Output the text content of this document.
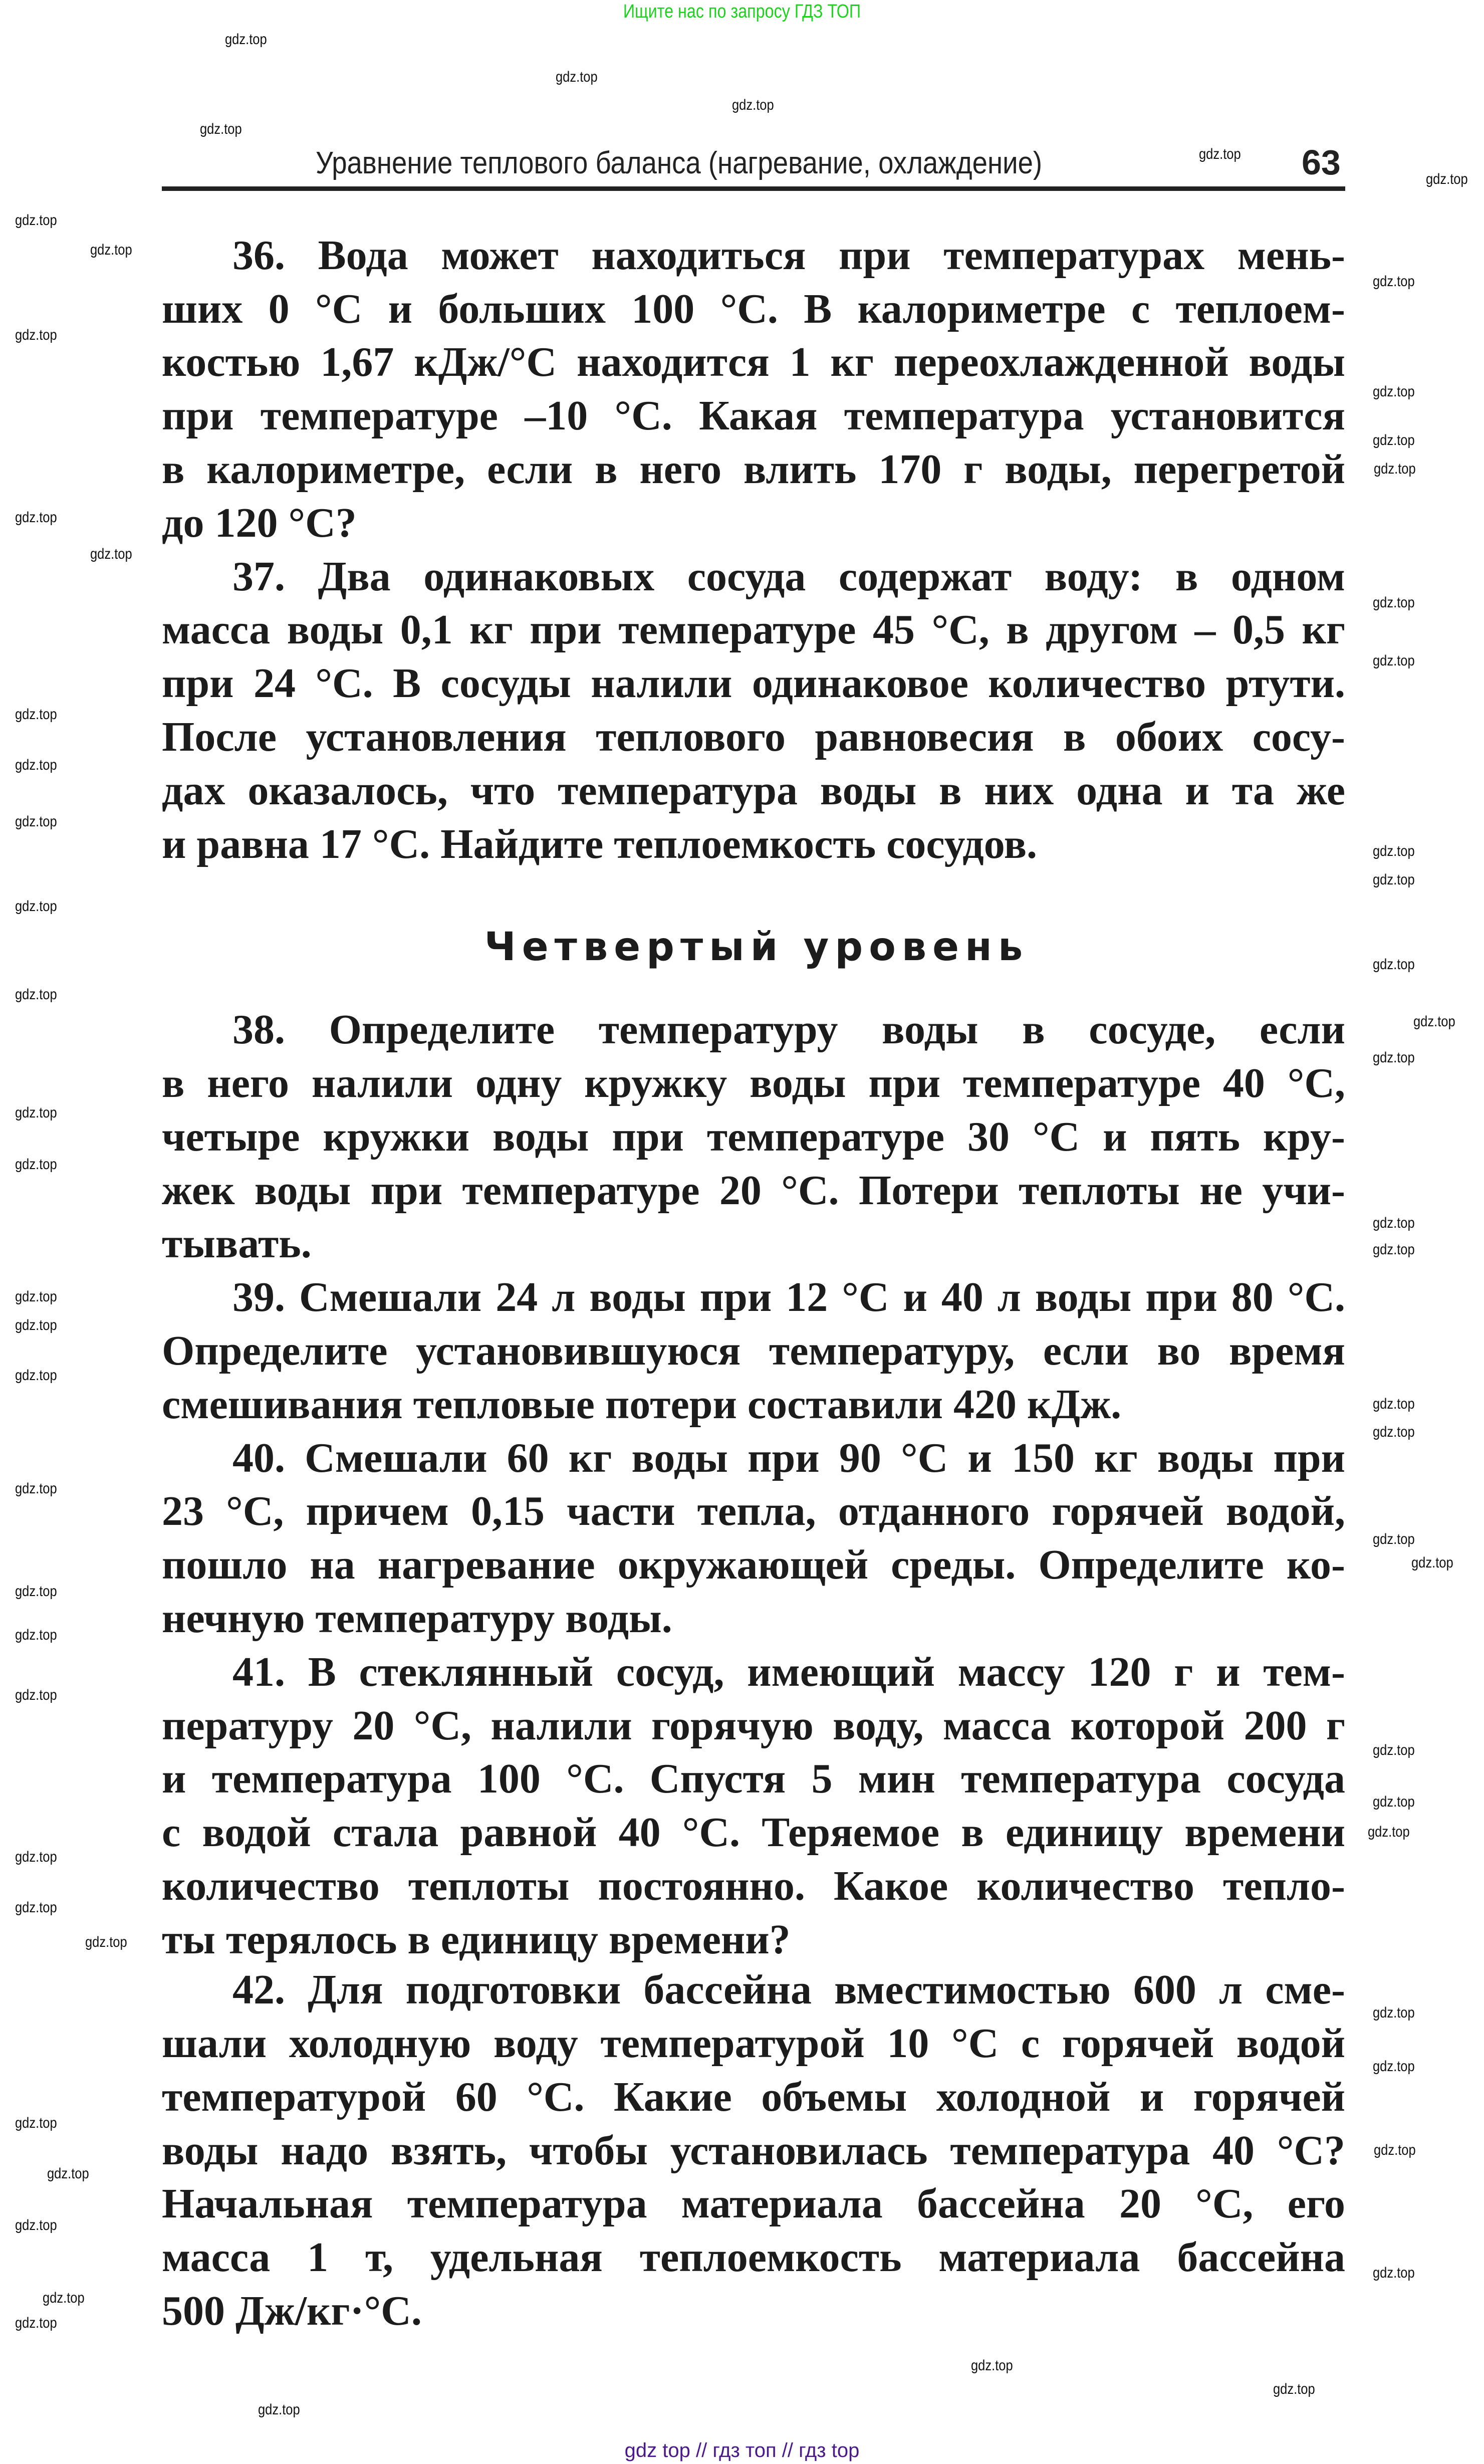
Ищите нас по запросу ГДЗ ТОП
Уравнение теплового баланса (нагревание, охлаждение)	63
Четвертый уровень
36. Вода может находиться при температурах мень-
ших 0 °C и больших 100 °C. В калориметре с теплоем-
костью 1,67 кДж/°C находится 1 кг переохлажденной воды
при температуре –10 °C. Какая температура установится
в калориметре, если в него влить 170 г воды, перегретой
до 120 °C?
37. Два одинаковых сосуда содержат воду: в одном
масса воды 0,1 кг при температуре 45 °C, в другом – 0,5 кг
при 24 °C. В сосуды налили одинаковое количество ртути.
После установления теплового равновесия в обоих сосу-
дах оказалось, что температура воды в них одна и та же
и равна 17 °C. Найдите теплоемкость сосудов.
38. Определите температуру воды в сосуде, если
в него налили одну кружку воды при температуре 40 °C,
четыре кружки воды при температуре 30 °C и пять кру-
жек воды при температуре 20 °C. Потери теплоты не учи-
тывать.
39. Смешали 24 л воды при 12 °C и 40 л воды при 80 °C.
Определите установившуюся температуру, если во время
смешивания тепловые потери составили 420 кДж.
40. Смешали 60 кг воды при 90 °C и 150 кг воды при
23 °C, причем 0,15 части тепла, отданного горячей водой,
пошло на нагревание окружающей среды. Определите ко-
нечную температуру воды.
41. В стеклянный сосуд, имеющий массу 120 г и тем-
пературу 20 °C, налили горячую воду, масса которой 200 г
и температура 100 °C. Спустя 5 мин температура сосуда
с водой стала равной 40 °C. Теряемое в единицу времени
количество теплоты постоянно. Какое количество тепло-
ты терялось в единицу времени?
42. Для подготовки бассейна вместимостью 600 л сме-
шали холодную воду температурой 10 °C с горячей водой
температурой 60 °C. Какие объемы холодной и горячей
воды надо взять, чтобы установилась температура 40 °C?
Начальная температура материала бассейна 20 °C, его
масса 1 т, удельная теплоемкость материала бассейна
500 Дж/кг·°C.
gdz.top
gdz.top
gdz.top
gdz.top
gdz.top
gdz.top
gdz.top
gdz.top
gdz.top
gdz.top
gdz.top
gdz.top
gdz.top
gdz.top
gdz.top
gdz.top
gdz.top
gdz.top
gdz.top
gdz.top
gdz.top
gdz.top
gdz.top
gdz.top
gdz.top
gdz.top
gdz.top
gdz.top
gdz.top
gdz.top
gdz.top
gdz.top
gdz.top
gdz.top
gdz.top
gdz.top
gdz.top
gdz.top
gdz.top
gdz.top
gdz.top
gdz.top
gdz.top
gdz.top
gdz.top
gdz.top
gdz.top
gdz.top
gdz.top
gdz.top
gdz.top
gdz.top
gdz.top
gdz.top
gdz.top
gdz.top
gdz.top
gdz.top
gdz.top
gdz.top
gdz top // гдз топ // гдз top
